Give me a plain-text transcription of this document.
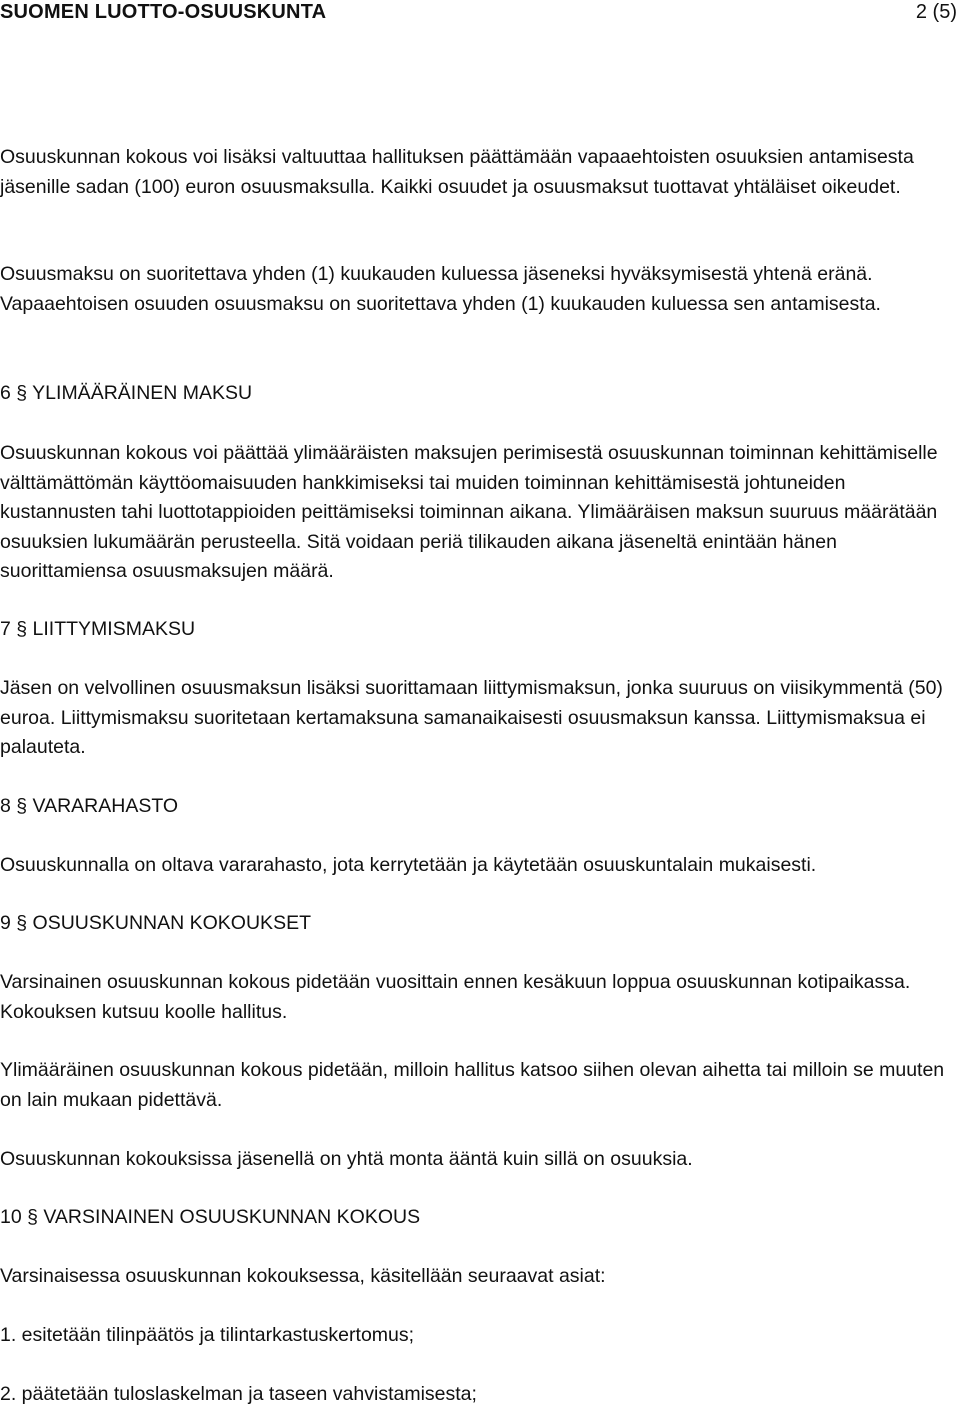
SUOMEN LUOTTO-OSUUSKUNTA	2 (5)

Osuuskunnan kokous voi lisäksi valtuuttaa hallituksen päättämään vapaaehtoisten osuuksien antamisesta jäsenille sadan (100) euron osuusmaksulla. Kaikki osuudet ja osuusmaksut tuottavat yhtäläiset oikeudet.

Osuusmaksu on suoritettava yhden (1) kuukauden kuluessa jäseneksi hyväksymisestä yhtenä eränä. Vapaaehtoisen osuuden osuusmaksu on suoritettava yhden (1) kuukauden kuluessa sen antamisesta.

6 § YLIMÄÄRÄINEN MAKSU

Osuuskunnan kokous voi päättää ylimääräisten maksujen perimisestä osuuskunnan toiminnan kehittämiselle välttämättömän käyttöomaisuuden hankkimiseksi tai muiden toiminnan kehittämisestä johtuneiden kustannusten tahi luottotappioiden peittämiseksi toiminnan aikana. Ylimääräisen maksun suuruus määrätään osuuksien lukumäärän perusteella. Sitä voidaan periä tilikauden aikana jäseneltä enintään hänen suorittamiensa osuusmaksujen määrä.

7 § LIITTYMISMAKSU

Jäsen on velvollinen osuusmaksun lisäksi suorittamaan liittymismaksun, jonka suuruus on viisikymmentä (50) euroa. Liittymismaksu suoritetaan kertamaksuna samanaikaisesti osuusmaksun kanssa. Liittymismaksua ei palauteta.

8 § VARARAHASTO

Osuuskunnalla on oltava vararahasto, jota kerrytetään ja käytetään osuuskuntalain mukaisesti.

9 § OSUUSKUNNAN KOKOUKSET

Varsinainen osuuskunnan kokous pidetään vuosittain ennen kesäkuun loppua osuuskunnan kotipaikassa. Kokouksen kutsuu koolle hallitus.

Ylimääräinen osuuskunnan kokous pidetään, milloin hallitus katsoo siihen olevan aihetta tai milloin se muuten on lain mukaan pidettävä.

Osuuskunnan kokouksissa jäsenellä on yhtä monta ääntä kuin sillä on osuuksia.

10 § VARSINAINEN OSUUSKUNNAN KOKOUS

Varsinaisessa osuuskunnan kokouksessa, käsitellään seuraavat asiat:

1. esitetään tilinpäätös ja tilintarkastuskertomus;

2. päätetään tuloslaskelman ja taseen vahvistamisesta;
